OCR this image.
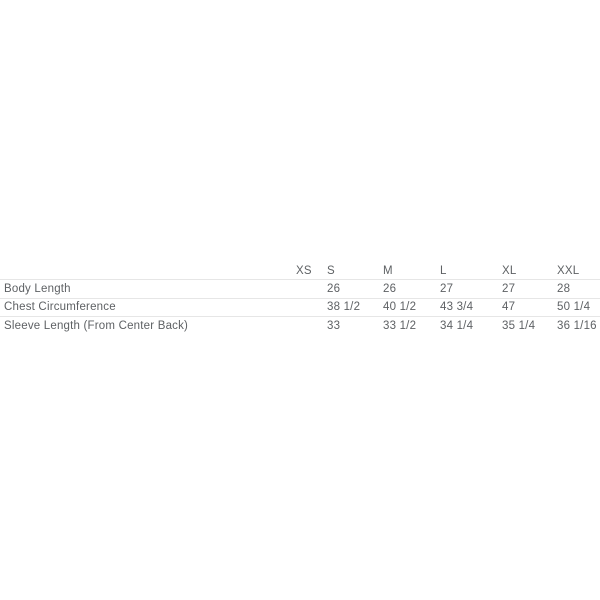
	XS	S	M	L	XL	XXL
Body Length		26	26	27	27	28
Chest Circumference		38 1/2	40 1/2	43 3/4	47	50 1/4
Sleeve Length (From Center Back)		33	33 1/2	34 1/4	35 1/4	36 1/16
